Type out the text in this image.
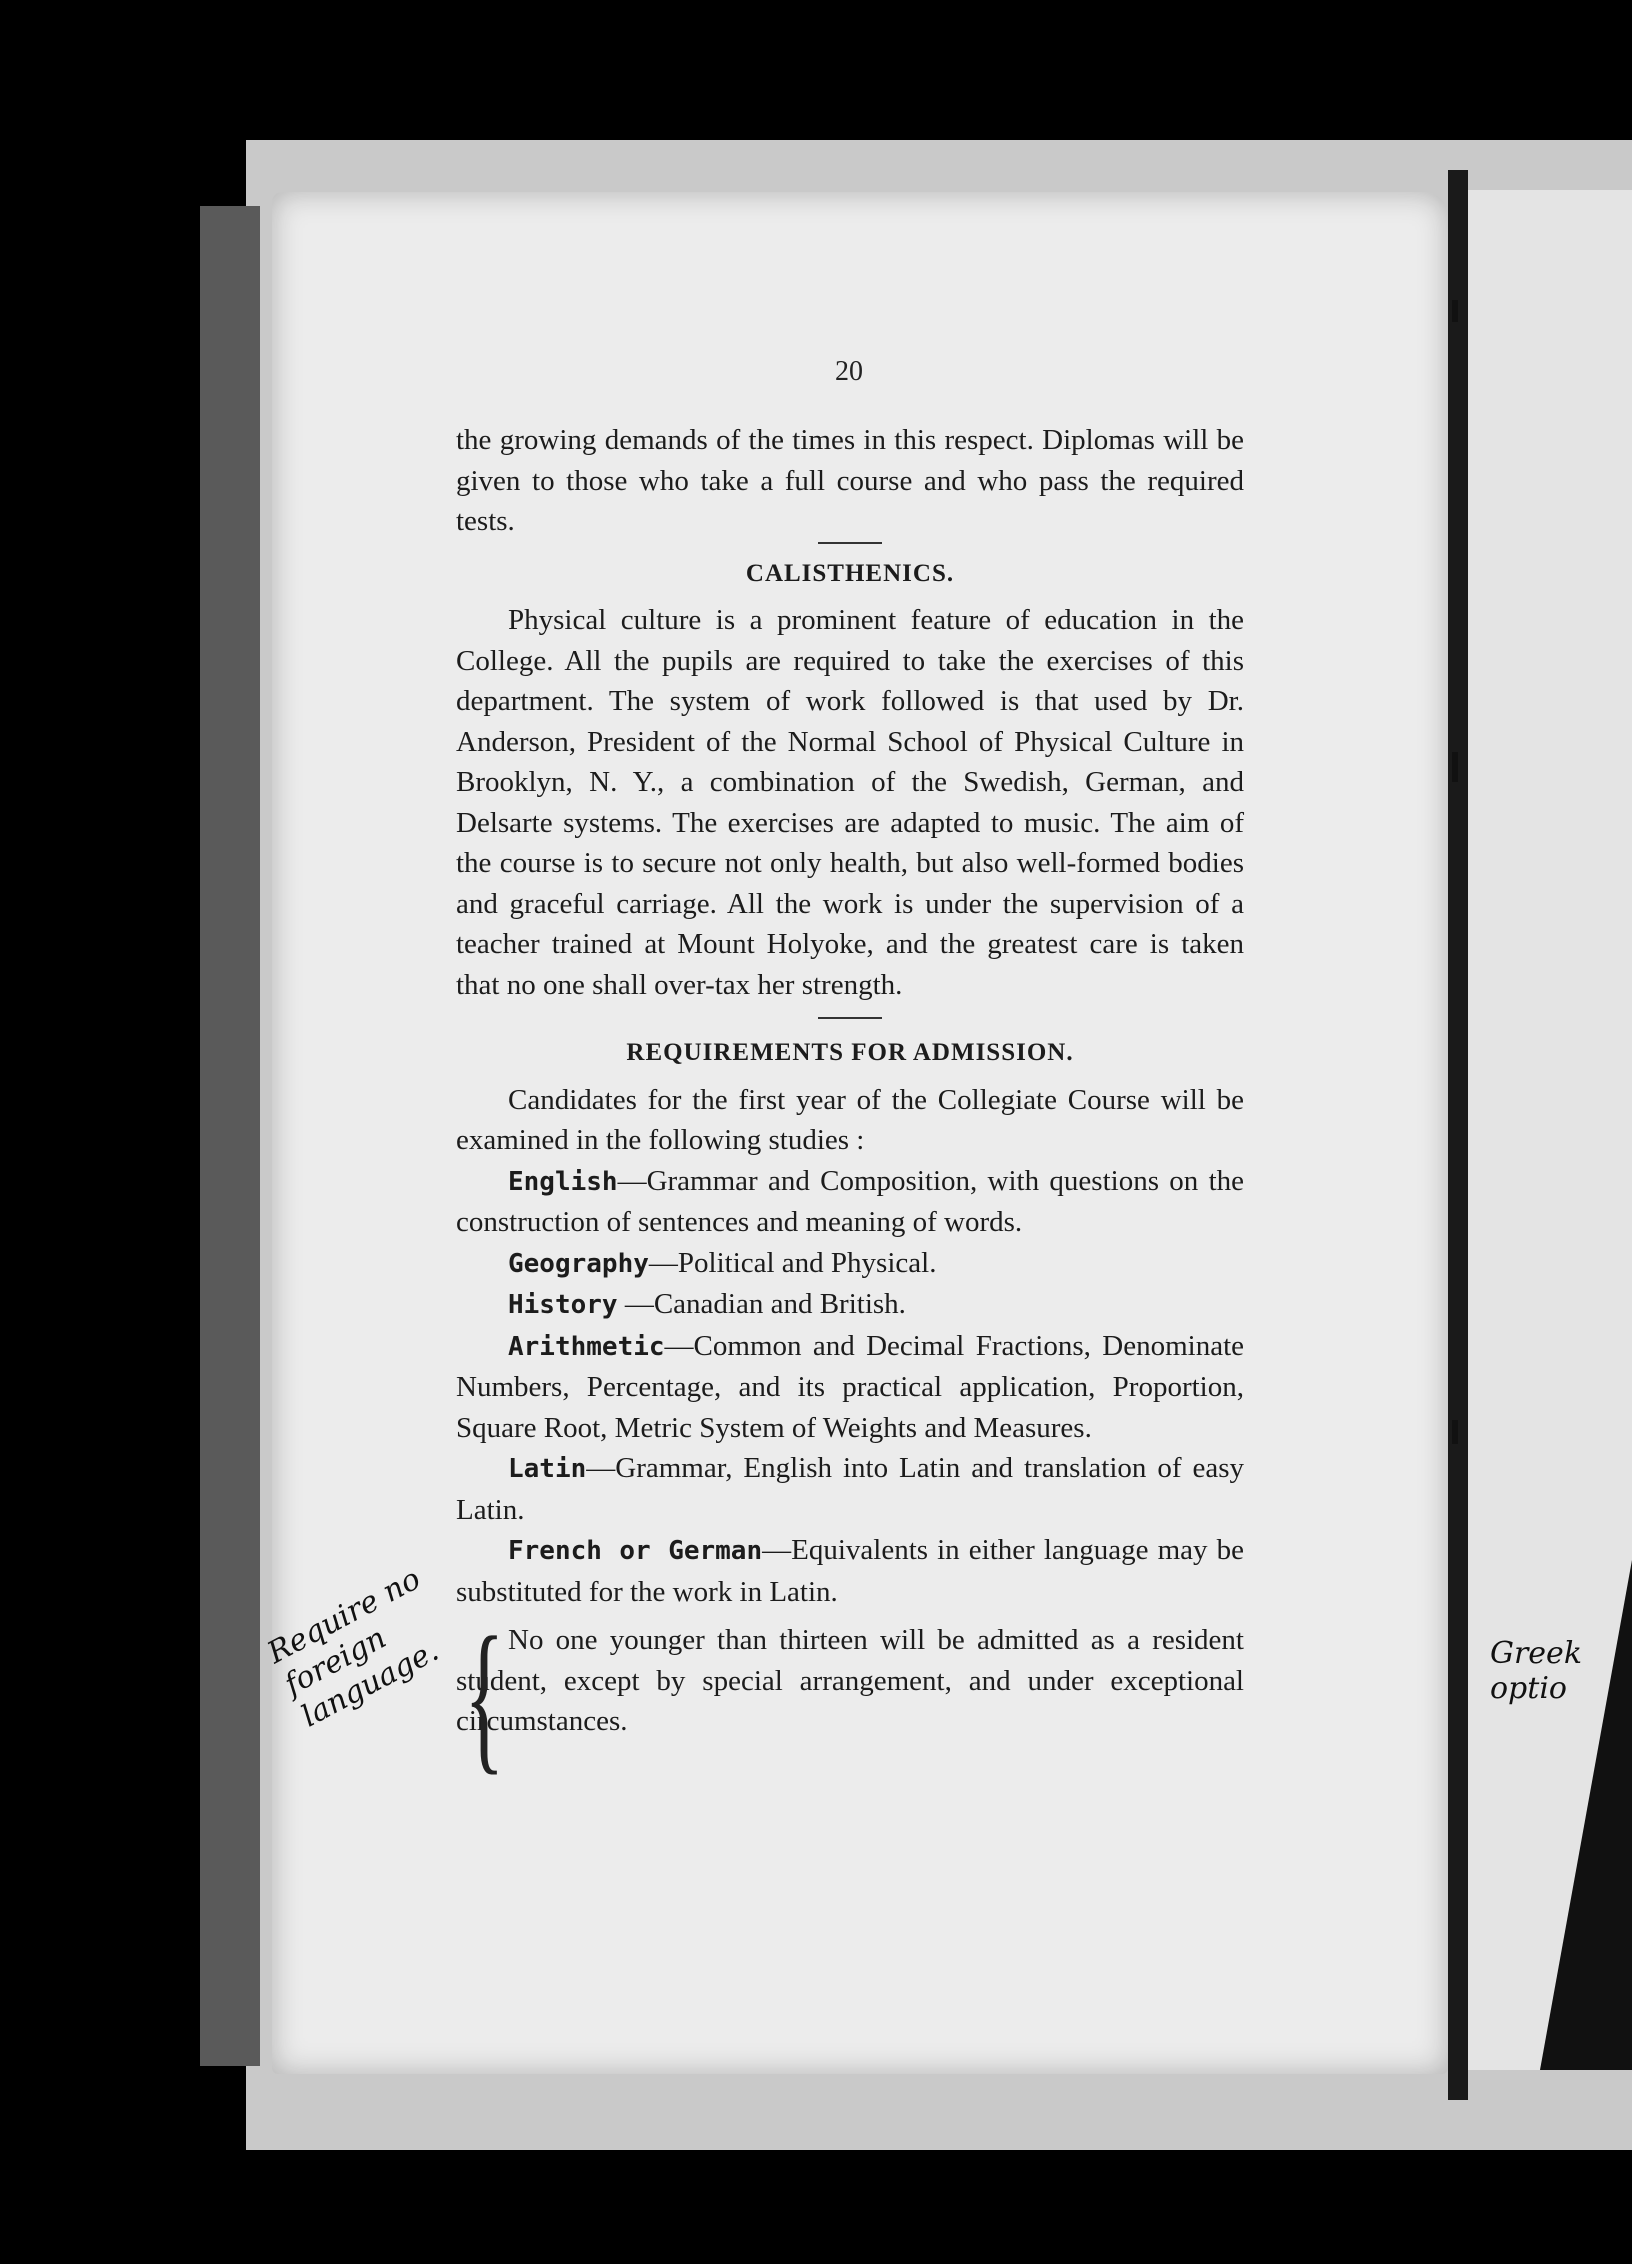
20

the growing demands of the times in this respect. Diplomas will be given to those who take a full course and who pass the required tests.

CALISTHENICS.

Physical culture is a prominent feature of education in the College. All the pupils are required to take the exercises of this department. The system of work followed is that used by Dr. Anderson, President of the Normal School of Physical Culture in Brooklyn, N. Y., a combination of the Swedish, German, and Delsarte systems. The exercises are adapted to music. The aim of the course is to secure not only health, but also well-formed bodies and graceful carriage. All the work is under the supervision of a teacher trained at Mount Holyoke, and the greatest care is taken that no one shall over-tax her strength.

REQUIREMENTS FOR ADMISSION.

Candidates for the first year of the Collegiate Course will be examined in the following studies :

English—Grammar and Composition, with questions on the construction of sentences and meaning of words.

Geography—Political and Physical.

History —Canadian and British.

Arithmetic—Common and Decimal Fractions, Denominate Numbers, Percentage, and its practical application, Proportion, Square Root, Metric System of Weights and Measures.

Latin—Grammar, English into Latin and translation of easy Latin.

French or German—Equivalents in either language may be substituted for the work in Latin.

No one younger than thirteen will be admitted as a resident student, except by special arrangement, and under exceptional circumstances.

{
Require no foreign language.	Greek optio
